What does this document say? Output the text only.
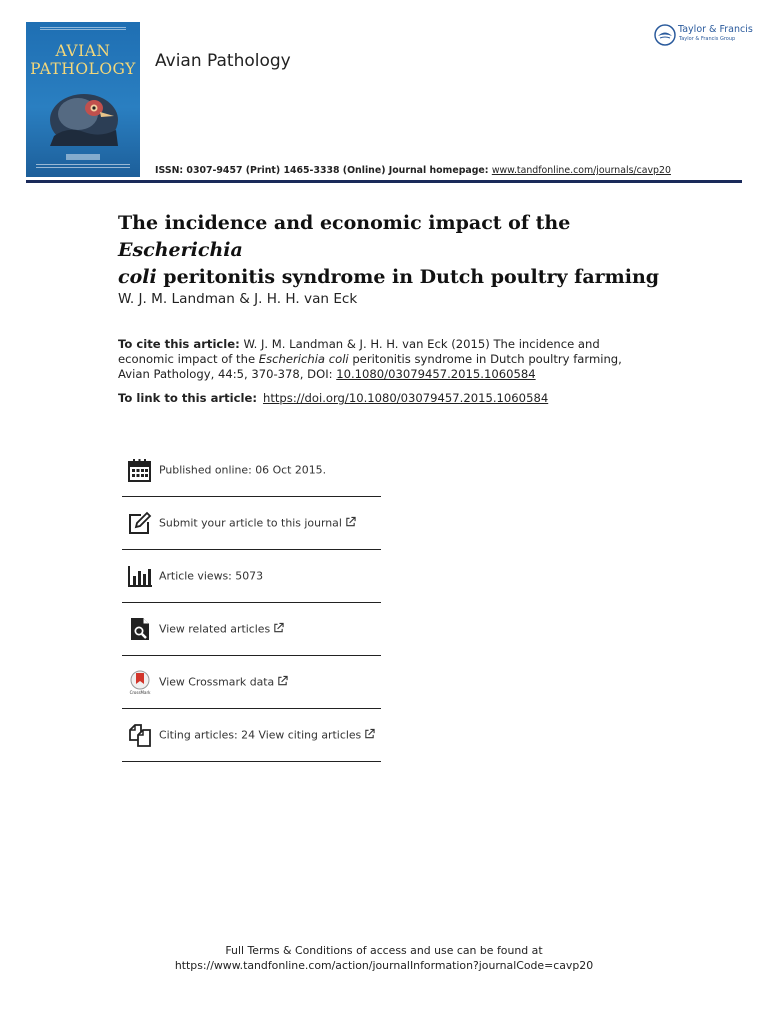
AVIAN
PATHOLOGY Avian Pathology
Taylor & Francis
Taylor & Francis Group
ISSN: 0307-9457 (Print) 1465-3338 (Online) Journal homepage: www.tandfonline.com/journals/cavp20
The incidence and economic impact of the Escherichia
coli peritonitis syndrome in Dutch poultry farming
W. J. M. Landman & J. H. H. van Eck
To cite this article: W. J. M. Landman & J. H. H. van Eck (2015) The incidence and economic impact of the Escherichia coli peritonitis syndrome in Dutch poultry farming, Avian Pathology, 44:5, 370-378, DOI: 10.1080/03079457.2015.1060584
To link to this article: https://doi.org/10.1080/03079457.2015.1060584
Published online: 06 Oct 2015.
Submit your article to this journal
Article views: 5073
View related articles
CrossMark
View Crossmark data
Citing articles: 24 View citing articles
Full Terms & Conditions of access and use can be found at
https://www.tandfonline.com/action/journalInformation?journalCode=cavp20
